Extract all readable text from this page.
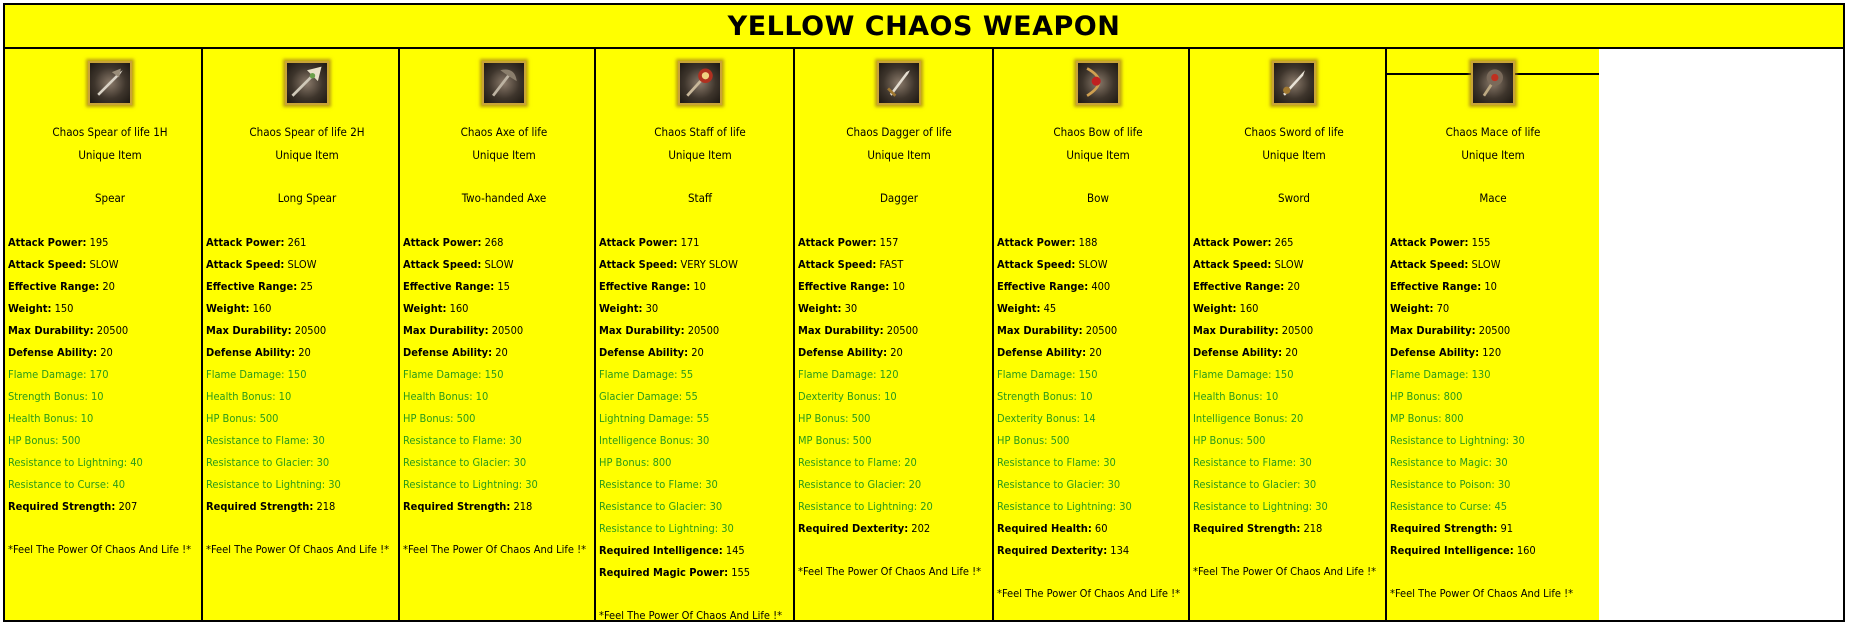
YELLOW CHAOS WEAPON
Chaos Spear of life 1H
Unique Item
Spear
Attack Power: 195
Attack Speed: SLOW
Effective Range: 20
Weight: 150
Max Durability: 20500
Defense Ability: 20
Flame Damage: 170
Strength Bonus: 10
Health Bonus: 10
HP Bonus: 500
Resistance to Lightning: 40
Resistance to Curse: 40
Required Strength: 207
*Feel The Power Of Chaos And Life !*
Chaos Spear of life 2H
Unique Item
Long Spear
Attack Power: 261
Attack Speed: SLOW
Effective Range: 25
Weight: 160
Max Durability: 20500
Defense Ability: 20
Flame Damage: 150
Health Bonus: 10
HP Bonus: 500
Resistance to Flame: 30
Resistance to Glacier: 30
Resistance to Lightning: 30
Required Strength: 218
*Feel The Power Of Chaos And Life !*
Chaos Axe of life
Unique Item
Two-handed Axe
Attack Power: 268
Attack Speed: SLOW
Effective Range: 15
Weight: 160
Max Durability: 20500
Defense Ability: 20
Flame Damage: 150
Health Bonus: 10
HP Bonus: 500
Resistance to Flame: 30
Resistance to Glacier: 30
Resistance to Lightning: 30
Required Strength: 218
*Feel The Power Of Chaos And Life !*
Chaos Staff of life
Unique Item
Staff
Attack Power: 171
Attack Speed: VERY SLOW
Effective Range: 10
Weight: 30
Max Durability: 20500
Defense Ability: 20
Flame Damage: 55
Glacier Damage: 55
Lightning Damage: 55
Intelligence Bonus: 30
HP Bonus: 800
Resistance to Flame: 30
Resistance to Glacier: 30
Resistance to Lightning: 30
Required Intelligence: 145
Required Magic Power: 155
*Feel The Power Of Chaos And Life !*
Chaos Dagger of life
Unique Item
Dagger
Attack Power: 157
Attack Speed: FAST
Effective Range: 10
Weight: 30
Max Durability: 20500
Defense Ability: 20
Flame Damage: 120
Dexterity Bonus: 10
HP Bonus: 500
MP Bonus: 500
Resistance to Flame: 20
Resistance to Glacier: 20
Resistance to Lightning: 20
Required Dexterity: 202
*Feel The Power Of Chaos And Life !*
Chaos Bow of life
Unique Item
Bow
Attack Power: 188
Attack Speed: SLOW
Effective Range: 400
Weight: 45
Max Durability: 20500
Defense Ability: 20
Flame Damage: 150
Strength Bonus: 10
Dexterity Bonus: 14
HP Bonus: 500
Resistance to Flame: 30
Resistance to Glacier: 30
Resistance to Lightning: 30
Required Health: 60
Required Dexterity: 134
*Feel The Power Of Chaos And Life !*
Chaos Sword of life
Unique Item
Sword
Attack Power: 265
Attack Speed: SLOW
Effective Range: 20
Weight: 160
Max Durability: 20500
Defense Ability: 20
Flame Damage: 150
Health Bonus: 10
Intelligence Bonus: 20
HP Bonus: 500
Resistance to Flame: 30
Resistance to Glacier: 30
Resistance to Lightning: 30
Required Strength: 218
*Feel The Power Of Chaos And Life !*
Chaos Mace of life
Unique Item
Mace
Attack Power: 155
Attack Speed: SLOW
Effective Range: 10
Weight: 70
Max Durability: 20500
Defense Ability: 120
Flame Damage: 130
HP Bonus: 800
MP Bonus: 800
Resistance to Lightning: 30
Resistance to Magic: 30
Resistance to Poison: 30
Resistance to Curse: 45
Required Strength: 91
Required Intelligence: 160
*Feel The Power Of Chaos And Life !*
